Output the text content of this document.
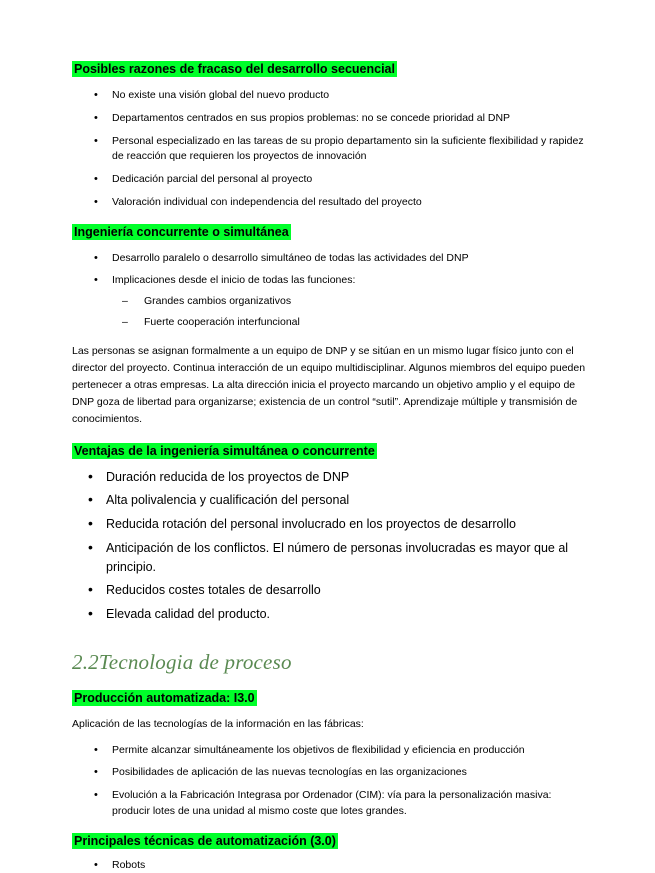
Posibles razones de fracaso del desarrollo secuencial
• No existe una visión global del nuevo producto
• Departamentos centrados en sus propios problemas: no se concede prioridad al DNP
• Personal especializado en las tareas de su propio departamento sin la suficiente flexibilidad y rapidez de reacción que requieren los proyectos de innovación
• Dedicación parcial del personal al proyecto
• Valoración individual con independencia del resultado del proyecto
Ingeniería concurrente o simultánea
• Desarrollo paralelo o desarrollo simultáneo de todas las actividades del DNP
• Implicaciones desde el inicio de todas las funciones:
– Grandes cambios organizativos
– Fuerte cooperación interfuncional

Las personas se asignan formalmente a un equipo de DNP y se sitúan en un mismo lugar físico junto con el director del proyecto. Continua interacción de un equipo multidisciplinar. Algunos miembros del equipo pueden pertenecer a otras empresas. La alta dirección inicia el proyecto marcando un objetivo amplio y el equipo de DNP goza de libertad para organizarse; existencia de un control “sutil”. Aprendizaje múltiple y transmisión de conocimientos.

Ventajas de la ingeniería simultánea o concurrente
• Duración reducida de los proyectos de DNP
• Alta polivalencia y cualificación del personal
• Reducida rotación del personal involucrado en los proyectos de desarrollo
• Anticipación de los conflictos. El número de personas involucradas es mayor que al principio.
• Reducidos costes totales de desarrollo
• Elevada calidad del producto.
2.2Tecnologia de proceso
Producción automatizada: I3.0

Aplicación de las tecnologías de la información en las fábricas:

• Permite alcanzar simultáneamente los objetivos de flexibilidad y eficiencia en producción
• Posibilidades de aplicación de las nuevas tecnologías en las organizaciones
• Evolución a la Fabricación Integrasa por Ordenador (CIM): vía para la personalización masiva: producir lotes de una unidad al mismo coste que lotes grandes.
Principales técnicas de automatización (3.0)
• Robots
